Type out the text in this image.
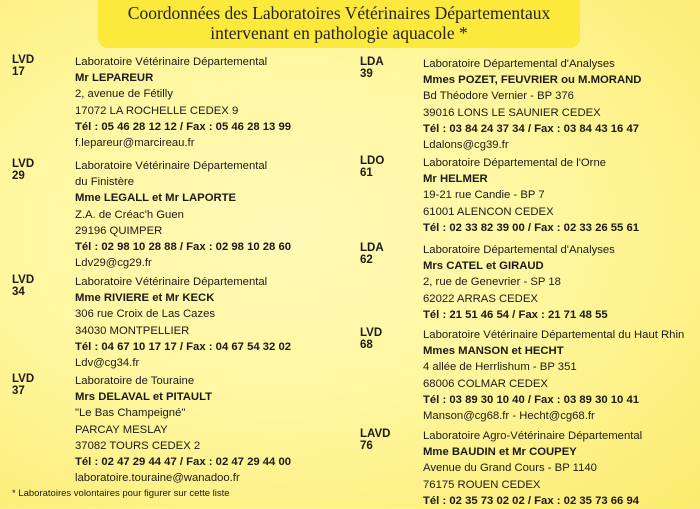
Coordonnées des Laboratoires Vétérinaires Départementaux
intervenant en pathologie aquacole *
LVD 17
Laboratoire Vétérinaire Départemental
Mr LEPAREUR
2, avenue de Fétilly
17072 LA ROCHELLE CEDEX 9
Tél : 05 46 28 12 12 / Fax : 05 46 28 13 99
f.lepareur@marcireau.fr
LVD 29
Laboratoire Vétérinaire Départemental
du Finistère
Mme LEGALL et Mr LAPORTE
Z.A. de Créac'h Guen
29196 QUIMPER
Tél : 02 98 10 28 88 / Fax : 02 98 10 28 60
Ldv29@cg29.fr
LVD 34
Laboratoire Vétérinaire Départemental
Mme RIVIERE et Mr KECK
306 rue Croix de Las Cazes
34030 MONTPELLIER
Tél : 04 67 10 17 17 / Fax : 04 67 54 32 02
Ldv@cg34.fr
LVD 37
Laboratoire de Touraine
Mrs DELAVAL et PITAULT
"Le Bas Champeigné"
PARCAY MESLAY
37082 TOURS CEDEX 2
Tél : 02 47 29 44 47 / Fax : 02 47 29 44 00
laboratoire.touraine@wanadoo.fr
LDA 39
Laboratoire Départemental d'Analyses
Mmes POZET, FEUVRIER ou M.MORAND
Bd Théodore Vernier - BP 376
39016 LONS LE SAUNIER CEDEX
Tél : 03 84 24 37 34 / Fax : 03 84 43 16 47
Ldalons@cg39.fr
LDO 61
Laboratoire Départemental de l'Orne
Mr HELMER
19-21 rue Candie - BP 7
61001 ALENCON CEDEX
Tél : 02 33 82 39 00 / Fax : 02 33 26 55 61
LDA 62
Laboratoire Départemental d'Analyses
Mrs CATEL et GIRAUD
2, rue de Genevrier - SP 18
62022 ARRAS CEDEX
Tél : 21 51 46 54 / Fax : 21 71 48 55
LVD 68
Laboratoire Vétérinaire Départemental du Haut Rhin
Mmes MANSON et HECHT
4 allée de Herrlishum - BP 351
68006 COLMAR CEDEX
Tél : 03 89 30 10 40 / Fax : 03 89 30 10 41
Manson@cg68.fr - Hecht@cg68.fr
LAVD 76
Laboratoire Agro-Vétérinaire Départemental
Mme BAUDIN et Mr COUPEY
Avenue du Grand Cours - BP 1140
76175 ROUEN CEDEX
Tél : 02 35 73 02 02 / Fax : 02 35 73 66 94
* Laboratoires volontaires pour figurer sur cette liste
